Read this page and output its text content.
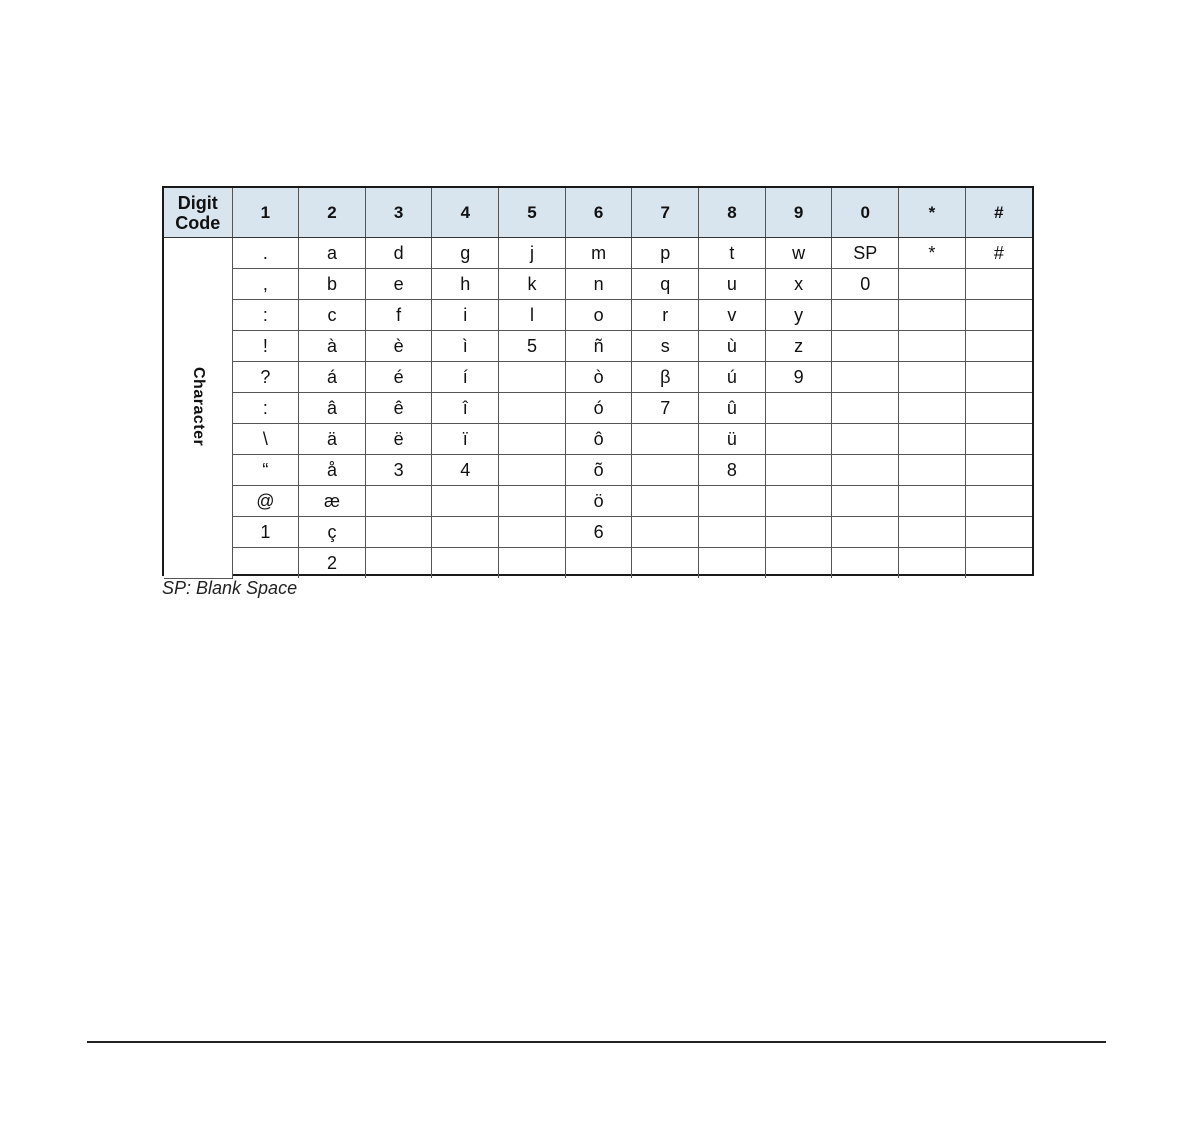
Digit
Code	1	2	3	4	5	6	7	8	9	0	*	#
Character	.	a	d	g	j	m	p	t	w	SP	*	#
	,	b	e	h	k	n	q	u	x	0		
	:	c	f	i	l	o	r	v	y			
	!	à	è	ì	5	ñ	s	ù	z			
	?	á	é	í		ò	β	ú	9			
	:	â	ê	î		ó	7	û				
	\	ä	ë	ï		ô		ü				
	“	å	3	4		õ		8				
	@	æ				ö						
	1	ç				6						
		2										
SP: Blank Space
